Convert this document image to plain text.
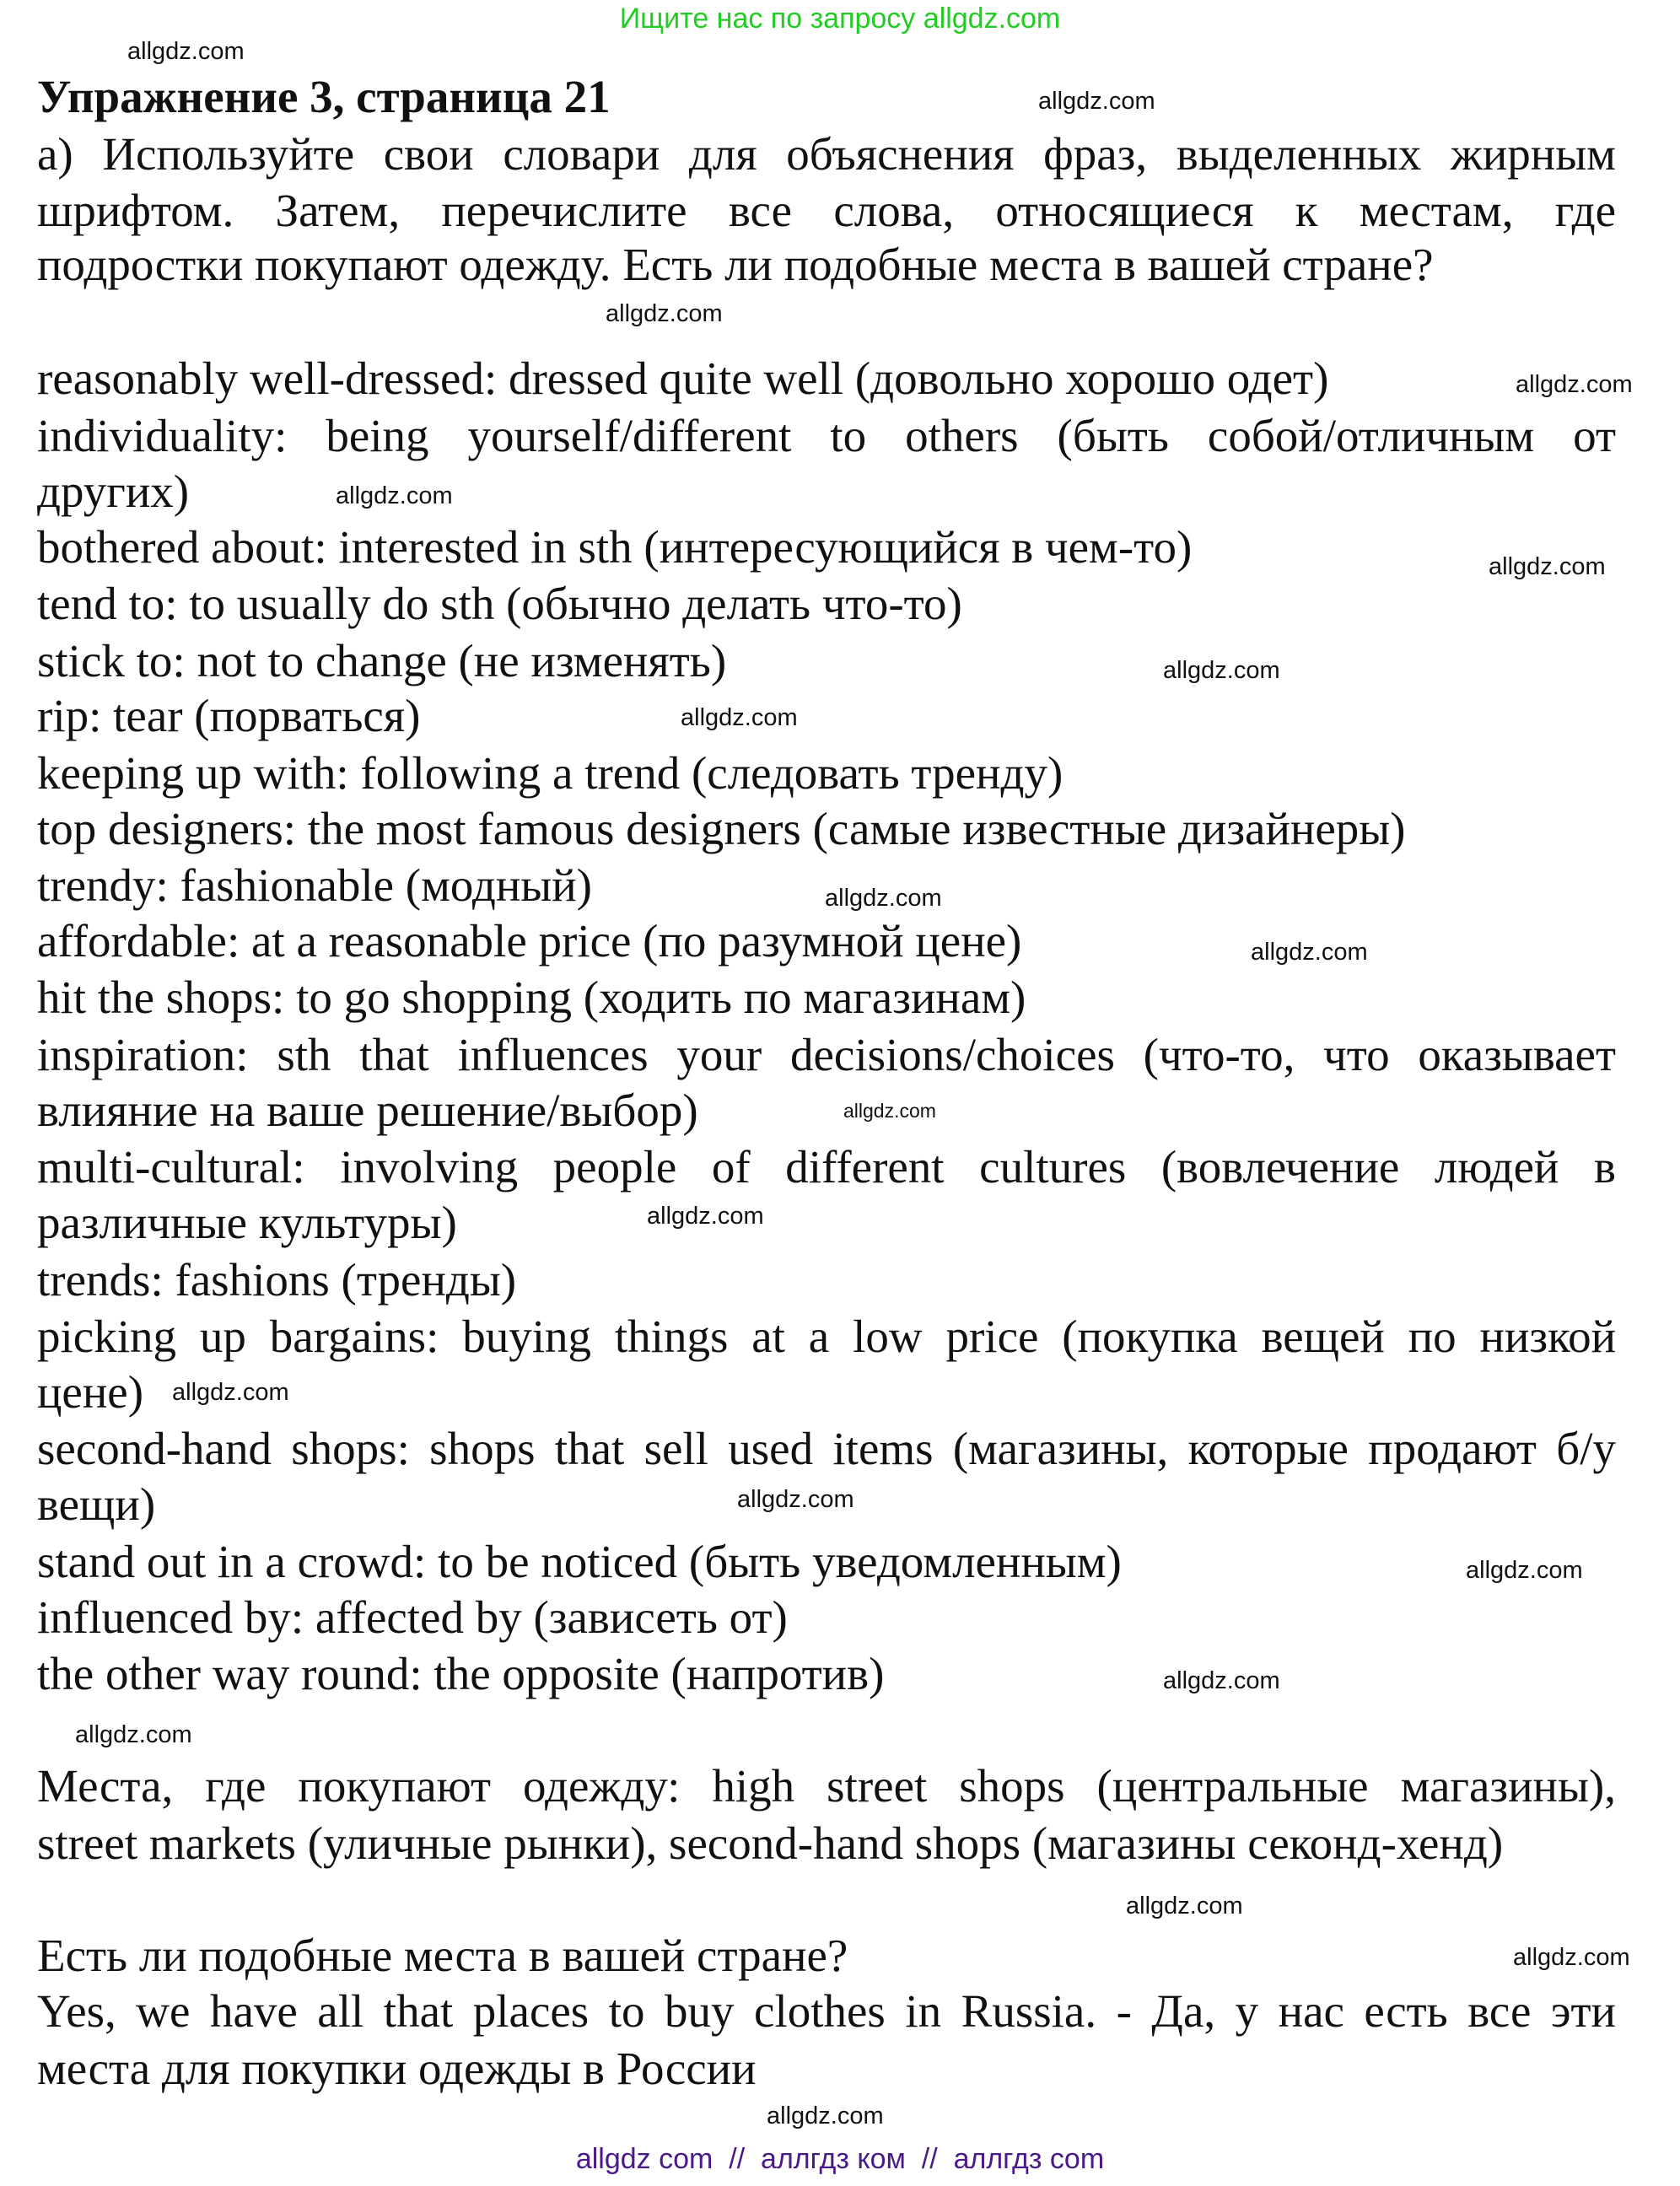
Ищите нас по запросу allgdz.com
Упражнение 3, страница 21
а) Используйте свои словари для объяснения фраз, выделенных жирным
шрифтом. Затем, перечислите все слова, относящиеся к местам, где
подростки покупают одежду. Есть ли подобные места в вашей стране?
reasonably well-dressed: dressed quite well (довольно хорошо одет)
individuality: being yourself/different to others (быть собой/отличным от
других)
bothered about: interested in sth (интересующийся в чем-то)
tend to: to usually do sth (обычно делать что-то)
stick to: not to change (не изменять)
rip: tear (порваться)
keeping up with: following a trend (следовать тренду)
top designers: the most famous designers (самые известные дизайнеры)
trendy: fashionable (модный)
affordable: at a reasonable price (по разумной цене)
hit the shops: to go shopping (ходить по магазинам)
inspiration: sth that influences your decisions/choices (что-то, что оказывает
влияние на ваше решение/выбор)
multi-cultural: involving people of different cultures (вовлечение людей в
различные культуры)
trends: fashions (тренды)
picking up bargains: buying things at a low price (покупка вещей по низкой
цене)
second-hand shops: shops that sell used items (магазины, которые продают б/у
вещи)
stand out in a crowd: to be noticed (быть уведомленным)
influenced by: affected by (зависеть от)
the other way round: the opposite (напротив)
Места, где покупают одежду: high street shops (центральные магазины),
street markets (уличные рынки), second-hand shops (магазины секонд-хенд)
Есть ли подобные места в вашей стране?
Yes, we have all that places to buy clothes in Russia. - Да, у нас есть все эти
места для покупки одежды в России
allgdz.com
allgdz.com
allgdz.com
allgdz.com
allgdz.com
allgdz.com
allgdz.com
allgdz.com
allgdz.com
allgdz.com
allgdz.com
allgdz.com
allgdz.com
allgdz.com
allgdz.com
allgdz.com
allgdz.com
allgdz.com
allgdz.com
allgdz.com
allgdz com  //  аллгдз ком  //  аллгдз com
